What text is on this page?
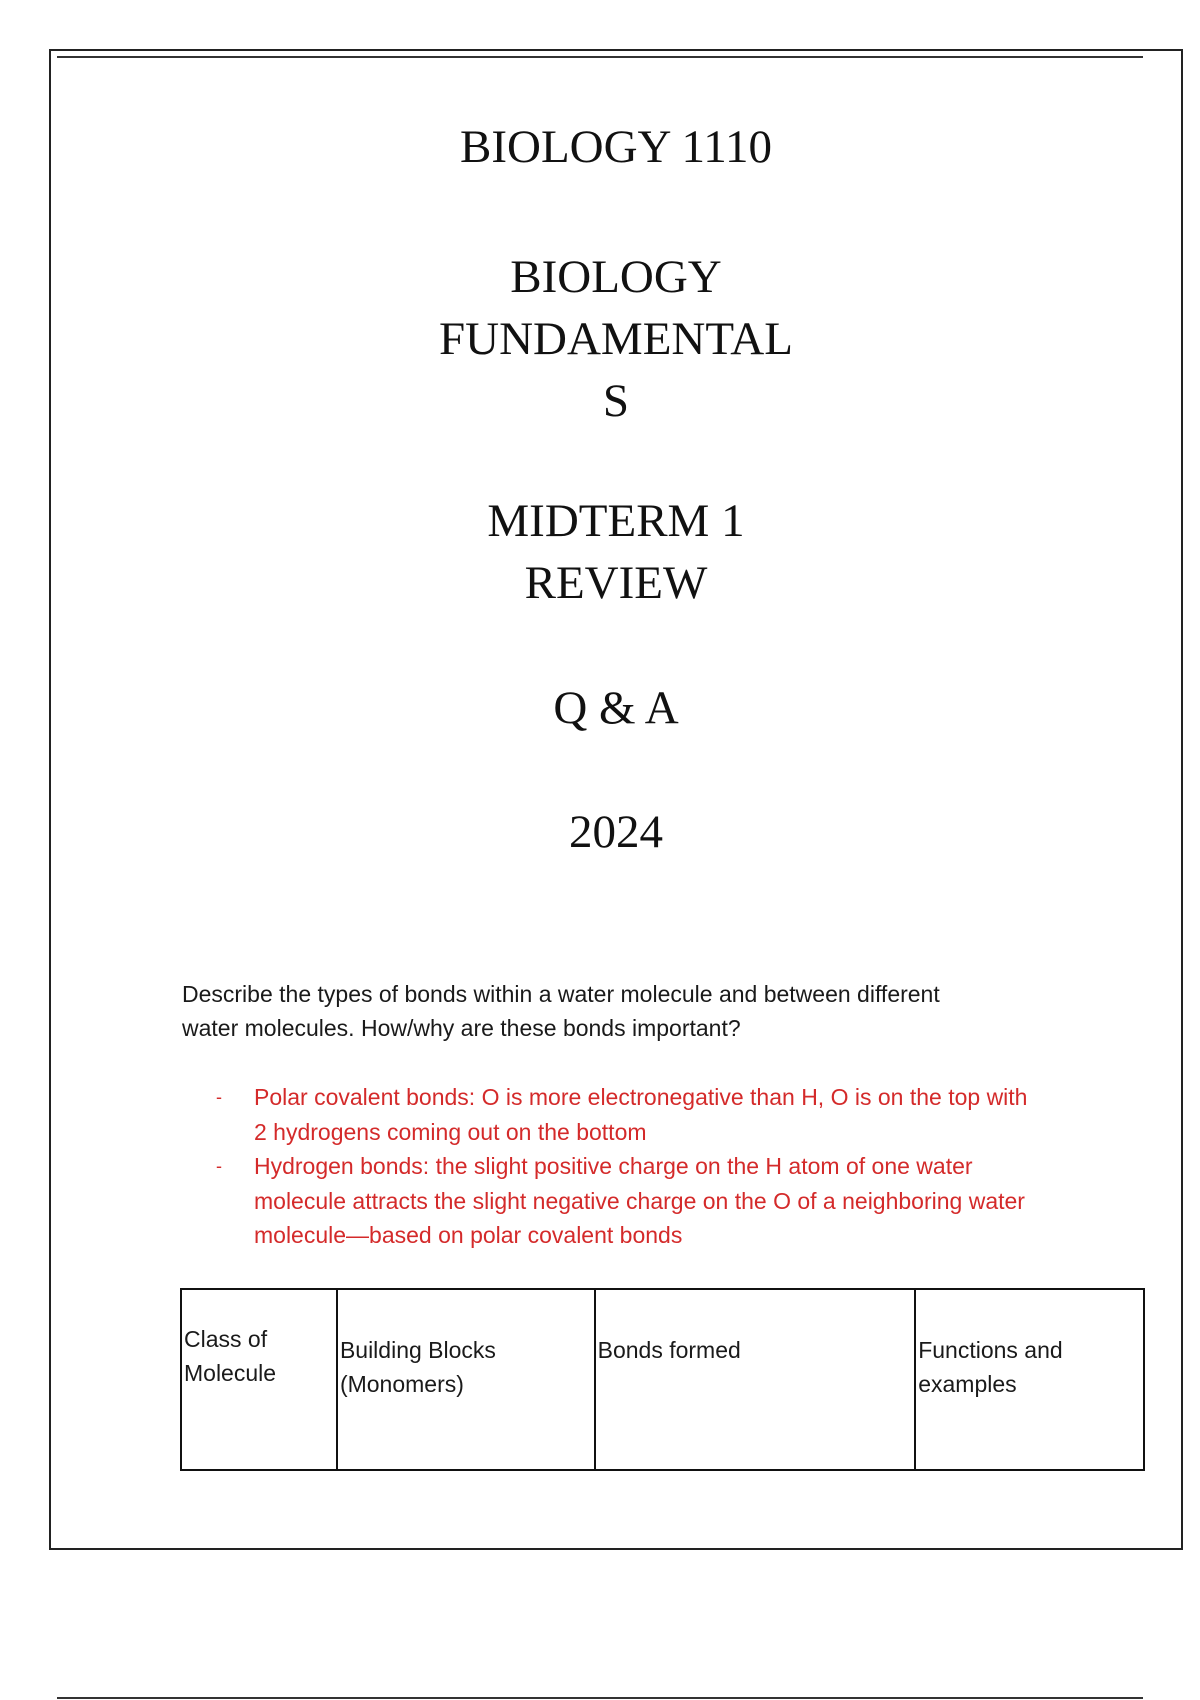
BIOLOGY 1110
BIOLOGY
FUNDAMENTAL
S
MIDTERM 1
REVIEW
Q & A
2024
Describe the types of bonds within a water molecule and between different water molecules. How/why are these bonds important?
-	Polar covalent bonds: O is more electronegative than H, O is on the top with 2 hydrogens coming out on the bottom
-	Hydrogen bonds: the slight positive charge on the H atom of one water molecule attracts the slight negative charge on the O of a neighboring water molecule—based on polar covalent bonds
Class of Molecule	Building Blocks (Monomers)	Bonds formed	Functions and examples
